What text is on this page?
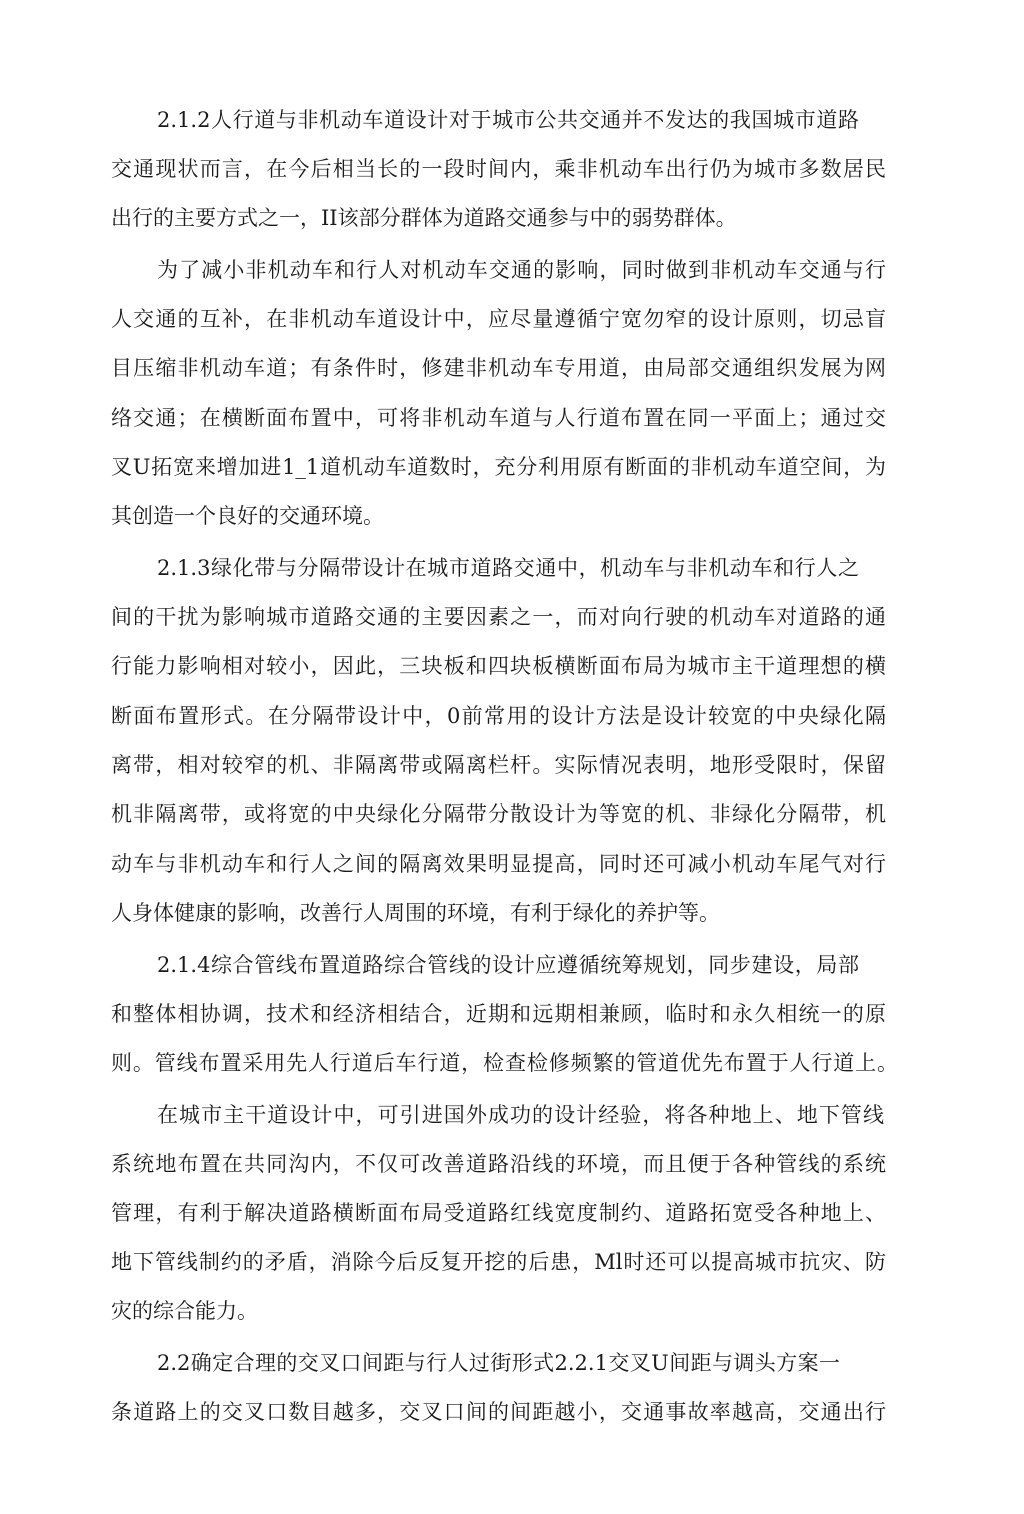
2.1.2人行道与非机动车道设计对于城市公共交通并不发达的我国城市道路
交通现状而言，在今后相当长的一段时间内，乘非机动车出行仍为城市多数居民
出行的主要方式之一，II该部分群体为道路交通参与中的弱势群体。
为了减小非机动车和行人对机动车交通的影响，同时做到非机动车交通与行
人交通的互补，在非机动车道设计中，应尽量遵循宁宽勿窄的设计原则，切忌盲
目压缩非机动车道；有条件时，修建非机动车专用道，由局部交通组织发展为网
络交通；在横断面布置中，可将非机动车道与人行道布置在同一平面上；通过交
叉U拓宽来增加进1_1道机动车道数时，充分利用原有断面的非机动车道空间，为
其创造一个良好的交通环境。
2.1.3绿化带与分隔带设计在城市道路交通中，机动车与非机动车和行人之
间的干扰为影响城市道路交通的主要因素之一，而对向行驶的机动车对道路的通
行能力影响相对较小，因此，三块板和四块板横断面布局为城市主干道理想的横
断面布置形式。在分隔带设计中，0前常用的设计方法是设计较宽的中央绿化隔
离带，相对较窄的机、非隔离带或隔离栏杆。实际情况表明，地形受限时，保留
机非隔离带，或将宽的中央绿化分隔带分散设计为等宽的机、非绿化分隔带，机
动车与非机动车和行人之间的隔离效果明显提高，同时还可减小机动车尾气对行
人身体健康的影响，改善行人周围的环境，有利于绿化的养护等。
2.1.4综合管线布置道路综合管线的设计应遵循统筹规划，同步建设，局部
和整体相协调，技术和经济相结合，近期和远期相兼顾，临时和永久相统一的原
则。管线布置采用先人行道后车行道，检查检修频繁的管道优先布置于人行道上。
在城市主干道设计中，可引进国外成功的设计经验，将各种地上、地下管线
系统地布置在共同沟内，不仅可改善道路沿线的环境，而且便于各种管线的系统
管理，有利于解决道路横断面布局受道路红线宽度制约、道路拓宽受各种地上、
地下管线制约的矛盾，消除今后反复开挖的后患，Ml时还可以提高城市抗灾、防
灾的综合能力。
2.2确定合理的交叉口间距与行人过街形式2.2.1交叉U间距与调头方案一
条道路上的交叉口数目越多，交叉口间的间距越小，交通事故率越高，交通出行
